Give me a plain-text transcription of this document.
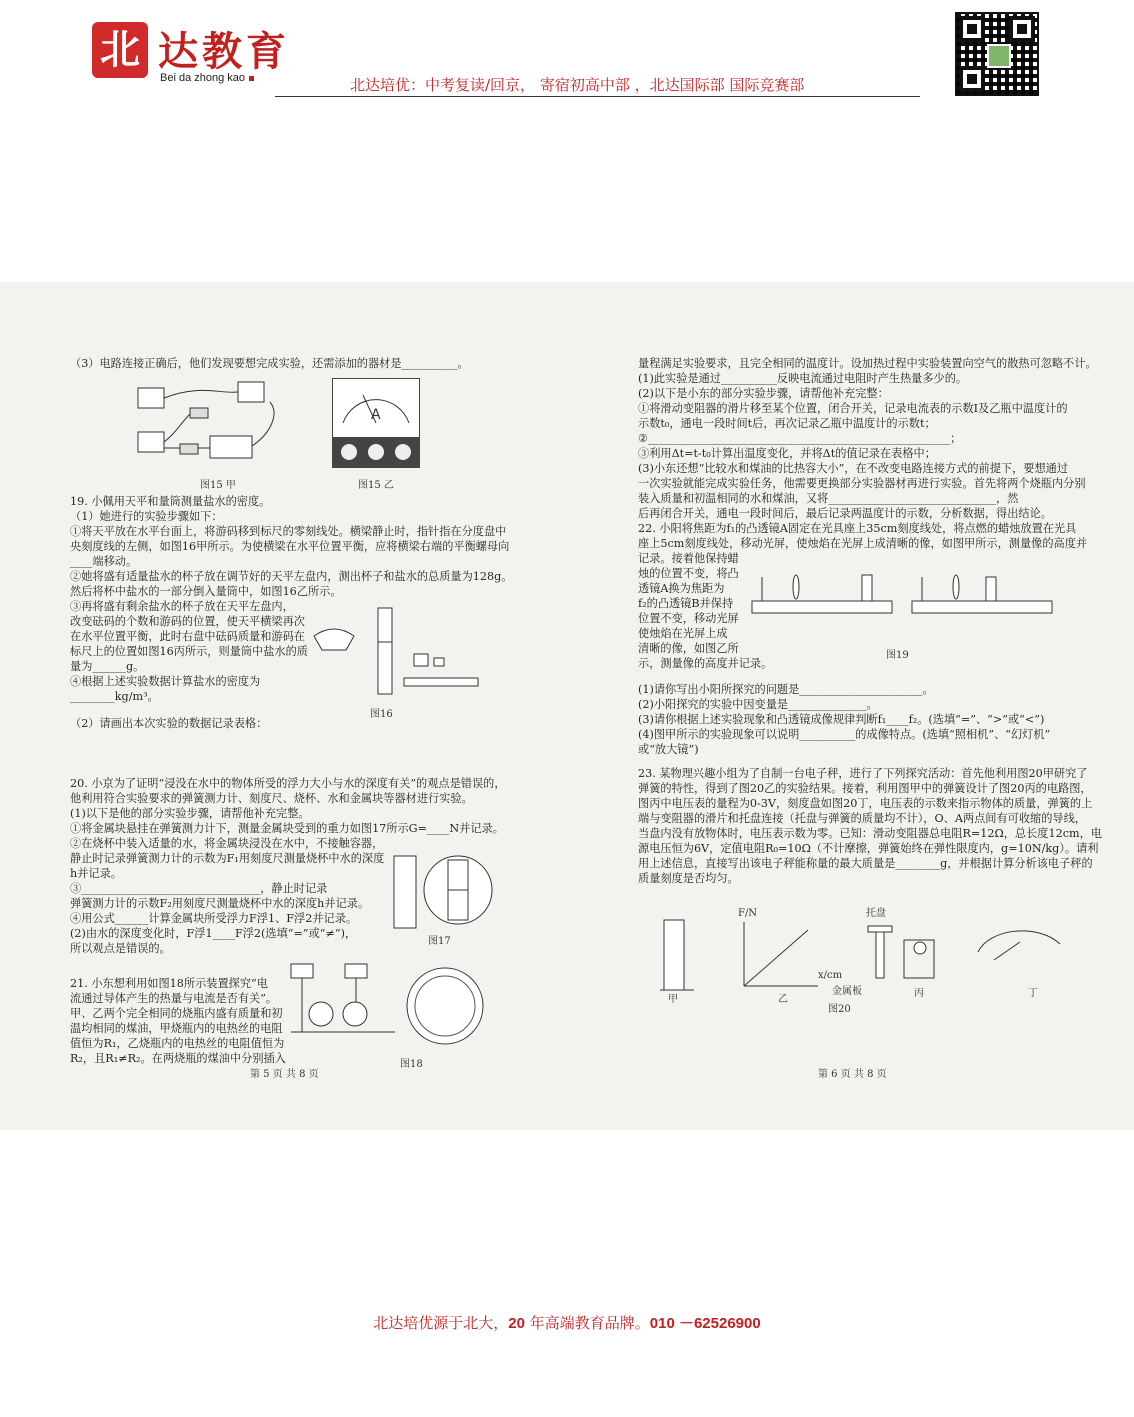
北 达教育
Bei da zhong kao	北达培优：中考复读/回京， 寄宿初高中部 ，北达国际部 国际竞赛部

（3）电路连接正确后，他们发现要想完成实验，还需添加的器材是__________。

19. 小佩用天平和量筒测量盐水的密度。

（1）她进行的实验步骤如下：

①将天平放在水平台面上，将游码移到标尺的零刻线处。横梁静止时，指针指在分度盘中

央刻度线的左侧，如图16甲所示。为使横梁在水平位置平衡，应将横梁右端的平衡螺母向

____端移动。

②她将盛有适量盐水的杯子放在调节好的天平左盘内，测出杯子和盐水的总质量为128g。

然后将杯中盐水的一部分倒入量筒中，如图16乙所示。

③再将盛有剩余盐水的杯子放在天平左盘内，

改变砝码的个数和游码的位置，使天平横梁再次

在水平位置平衡，此时右盘中砝码质量和游码在

标尺上的位置如图16丙所示，则量筒中盐水的质

量为______g。

④根据上述实验数据计算盐水的密度为

________kg/m³。

（2）请画出本次实验的数据记录表格：

20. 小京为了证明“浸没在水中的物体所受的浮力大小与水的深度有关”的观点是错误的，

他利用符合实验要求的弹簧测力计、刻度尺、烧杯、水和金属块等器材进行实验。

(1)以下是他的部分实验步骤，请帮他补充完整。

①将金属块悬挂在弹簧测力计下，测量金属块受到的重力如图17所示G=____N并记录。

②在烧杯中装入适量的水，将金属块浸没在水中，不接触容器，

静止时记录弹簧测力计的示数为F₁用刻度尺测量烧杯中水的深度

h并记录。

③________________________________，静止时记录

弹簧测力计的示数F₂用刻度尺测量烧杯中水的深度h并记录。

④用公式______计算金属块所受浮力F浮1、F浮2并记录。

(2)由水的深度变化时，F浮1____F浮2(选填“=”或“≠”)，

所以观点是错误的。

21. 小东想利用如图18所示装置探究“电

流通过导体产生的热量与电流是否有关”。

甲、乙两个完全相同的烧瓶内盛有质量和初

温均相同的煤油，甲烧瓶内的电热丝的电阻

值恒为R₁，乙烧瓶内的电热丝的电阻值恒为

R₂，且R₁≠R₂。在两烧瓶的煤油中分别插入

图15 甲
A
图15 乙
图16
图17
图18
第 5 页 共 8 页

量程满足实验要求，且完全相同的温度计。设加热过程中实验装置向空气的散热可忽略不计。

(1)此实验是通过__________反映电流通过电阻时产生热量多少的。

(2)以下是小东的部分实验步骤，请帮他补充完整：

①将滑动变阻器的滑片移至某个位置，闭合开关，记录电流表的示数I及乙瓶中温度计的

示数t₀，通电一段时间t后，再次记录乙瓶中温度计的示数t；

②______________________________________________________；

③利用Δt=t-t₀计算出温度变化，并将Δt的值记录在表格中；

(3)小东还想“比较水和煤油的比热容大小”，在不改变电路连接方式的前提下，要想通过

一次实验就能完成实验任务，他需要更换部分实验器材再进行实验。首先将两个烧瓶内分别

装入质量和初温相同的水和煤油，又将______________________________，然

后再闭合开关，通电一段时间后，最后记录两温度计的示数，分析数据，得出结论。

22. 小阳将焦距为f₁的凸透镜A固定在光具座上35cm刻度线处，将点燃的蜡烛放置在光具

座上5cm刻度线处，移动光屏，使烛焰在光屏上成清晰的像，如图甲所示，测量像的高度并

记录。接着他保持蜡

烛的位置不变，将凸

透镜A换为焦距为

f₂的凸透镜B并保持

位置不变，移动光屏

使烛焰在光屏上成

清晰的像，如图乙所

示，测量像的高度并记录。

(1)请你写出小阳所探究的问题是______________________。

(2)小阳探究的实验中因变量是______________。

(3)请你根据上述实验现象和凸透镜成像规律判断f₁____f₂。(选填“=”、“>”或“<”)

(4)图甲所示的实验现象可以说明__________的成像特点。(选填“照相机”、“幻灯机”

或“放大镜”)

23. 某物理兴趣小组为了自制一台电子秤，进行了下列探究活动：首先他利用图20甲研究了

弹簧的特性，得到了图20乙的实验结果。接着，利用图甲中的弹簧设计了图20丙的电路图，

图丙中电压表的量程为0-3V，刻度盘如图20丁，电压表的示数来指示物体的质量，弹簧的上

端与变阻器的滑片和托盘连接（托盘与弹簧的质量均不计），O、A两点间有可收缩的导线，

当盘内没有放物体时，电压表示数为零。已知：滑动变阻器总电阻R=12Ω，总长度12cm，电

源电压恒为6V，定值电阻R₀=10Ω（不计摩擦，弹簧始终在弹性限度内，g=10N/kg）。请利

用上述信息，直接写出该电子秤能称量的最大质量是________g，并根据计算分析该电子秤的

质量刻度是否均匀。

图19
F/N
x/cm
托盘
金属板
甲	乙
丙	丁
图20
第 6 页 共 8 页
北达培优源于北大，20 年高端教育品牌。010 －62526900
